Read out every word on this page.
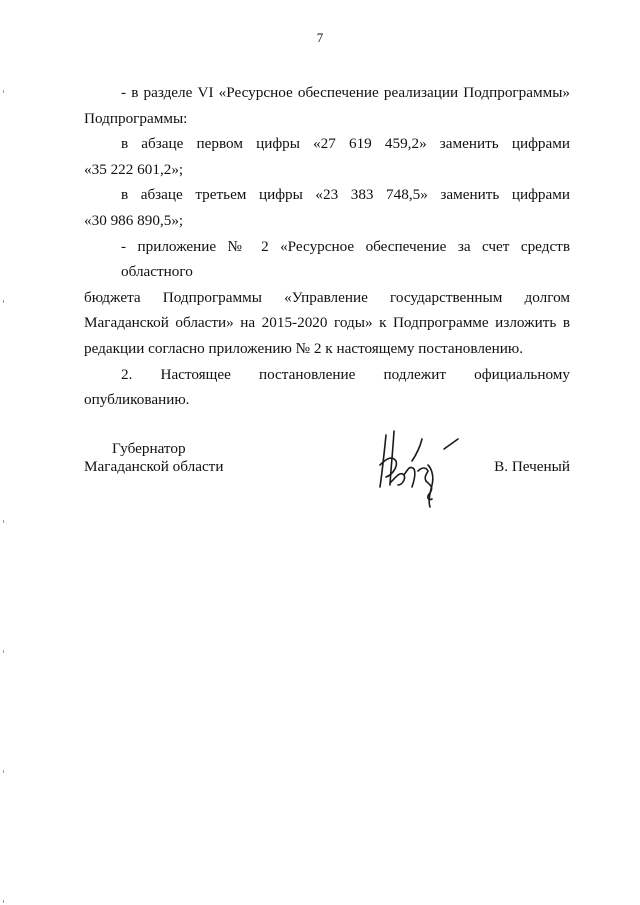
7
- в разделе VI «Ресурсное обеспечение реализации Подпрограммы»
Подпрограммы:
в абзаце первом цифры «27 619 459,2» заменить цифрами
«35 222 601,2»;
в абзаце третьем цифры «23 383 748,5» заменить цифрами
«30 986 890,5»;
- приложение № 2 «Ресурсное обеспечение за счет средств областного
бюджета Подпрограммы «Управление государственным долгом
Магаданской области» на 2015-2020 годы» к Подпрограмме изложить в
редакции согласно приложению № 2 к настоящему постановлению.
2. Настоящее постановление подлежит официальному
опубликованию.
Губернатор
Магаданской области	В. Печеный
